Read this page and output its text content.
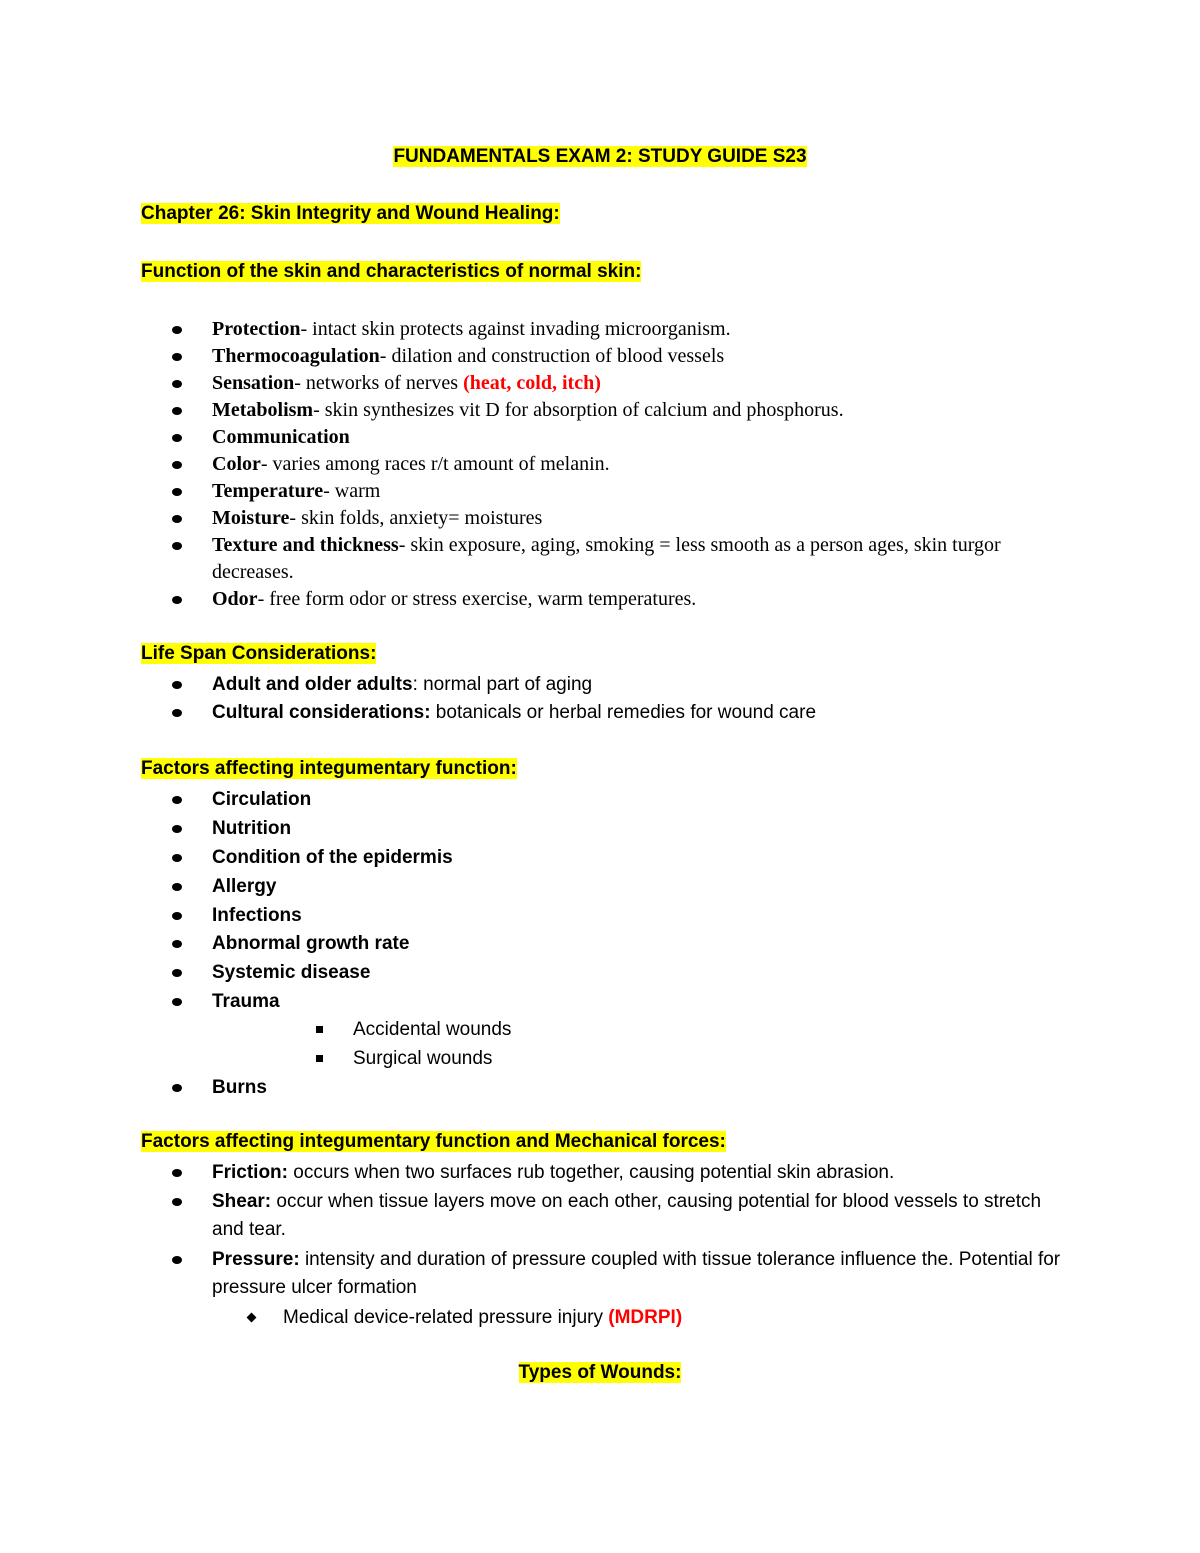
FUNDAMENTALS EXAM 2: STUDY GUIDE S23
Chapter 26: Skin Integrity and Wound Healing:
Function of the skin and characteristics of normal skin:
Protection- intact skin protects against invading microorganism.
Thermocoagulation- dilation and construction of blood vessels
Sensation- networks of nerves (heat, cold, itch)
Metabolism- skin synthesizes vit D for absorption of calcium and phosphorus.
Communication
Color- varies among races r/t amount of melanin.
Temperature- warm
Moisture- skin folds, anxiety= moistures
Texture and thickness- skin exposure, aging, smoking = less smooth as a person ages, skin turgor decreases.
Odor- free form odor or stress exercise, warm temperatures.
Life Span Considerations:
Adult and older adults: normal part of aging
Cultural considerations: botanicals or herbal remedies for wound care
Factors affecting integumentary function:
Circulation
Nutrition
Condition of the epidermis
Allergy
Infections
Abnormal growth rate
Systemic disease
Trauma
Accidental wounds
Surgical wounds
Burns
Factors affecting integumentary function and Mechanical forces:
Friction: occurs when two surfaces rub together, causing potential skin abrasion.
Shear: occur when tissue layers move on each other, causing potential for blood vessels to stretch and tear.
Pressure: intensity and duration of pressure coupled with tissue tolerance influence the. Potential for pressure ulcer formation
Medical device-related pressure injury (MDRPI)
Types of Wounds:
